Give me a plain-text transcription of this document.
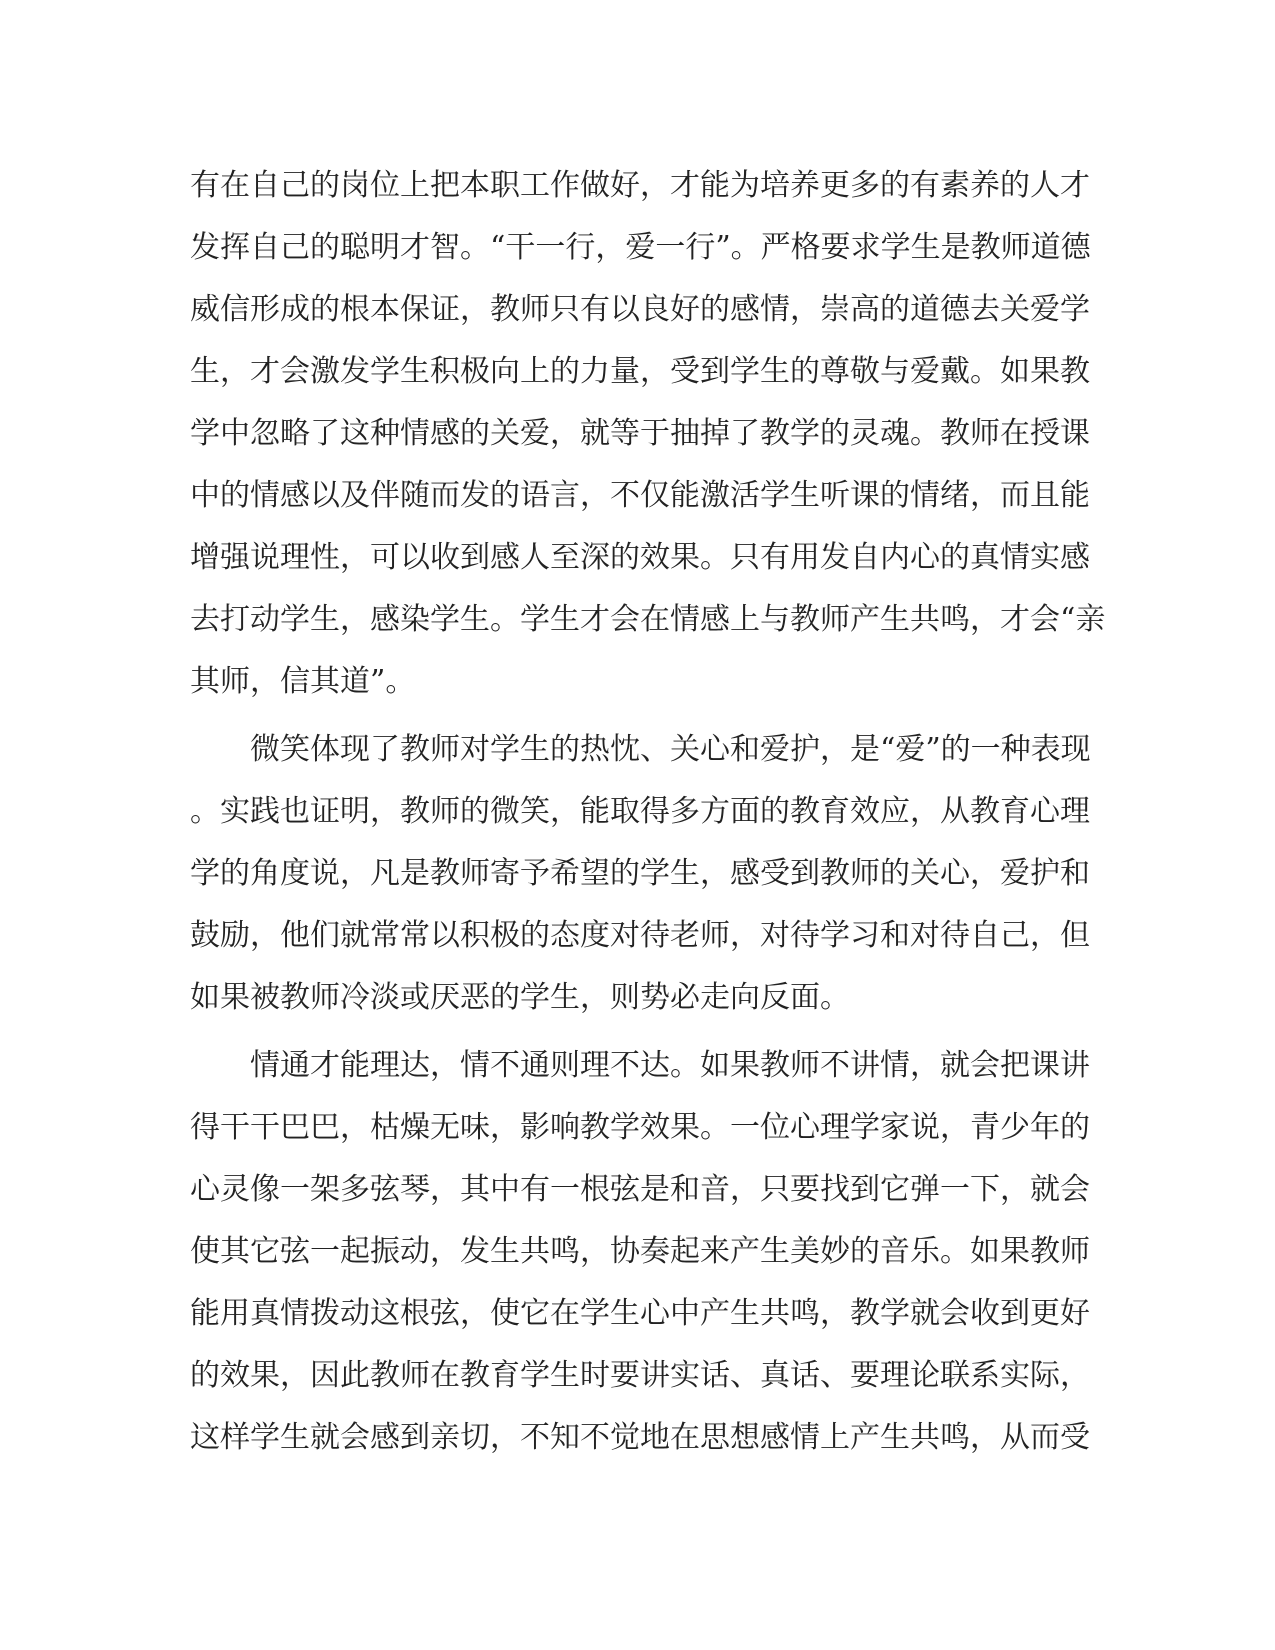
有在自己的岗位上把本职工作做好，才能为培养更多的有素养的人才
发挥自己的聪明才智。“干一行，爱一行”。严格要求学生是教师道德
威信形成的根本保证，教师只有以良好的感情，崇高的道德去关爱学
生，才会激发学生积极向上的力量，受到学生的尊敬与爱戴。如果教
学中忽略了这种情感的关爱，就等于抽掉了教学的灵魂。教师在授课
中的情感以及伴随而发的语言，不仅能激活学生听课的情绪，而且能
增强说理性，可以收到感人至深的效果。只有用发自内心的真情实感
去打动学生，感染学生。学生才会在情感上与教师产生共鸣，才会“亲
其师，信其道”。
　　微笑体现了教师对学生的热忱、关心和爱护，是“爱”的一种表现
。实践也证明，教师的微笑，能取得多方面的教育效应，从教育心理
学的角度说，凡是教师寄予希望的学生，感受到教师的关心，爱护和
鼓励，他们就常常以积极的态度对待老师，对待学习和对待自己，但
如果被教师冷淡或厌恶的学生，则势必走向反面。
　　情通才能理达，情不通则理不达。如果教师不讲情，就会把课讲
得干干巴巴，枯燥无味，影响教学效果。一位心理学家说，青少年的
心灵像一架多弦琴，其中有一根弦是和音，只要找到它弹一下，就会
使其它弦一起振动，发生共鸣，协奏起来产生美妙的音乐。如果教师
能用真情拨动这根弦，使它在学生心中产生共鸣，教学就会收到更好
的效果，因此教师在教育学生时要讲实话、真话、要理论联系实际，
这样学生就会感到亲切，不知不觉地在思想感情上产生共鸣，从而受
